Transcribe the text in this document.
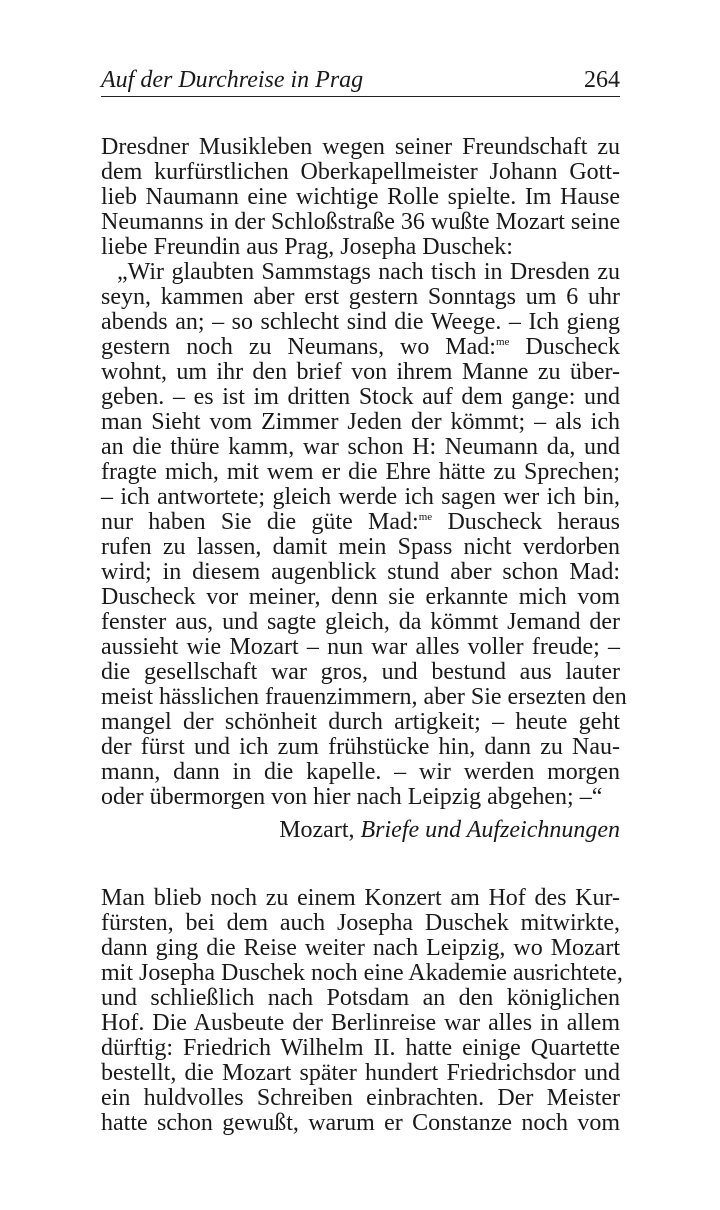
Auf der Durchreise in Prag	264
Dresdner Musikleben wegen seiner Freundschaft zu
dem kurfürstlichen Oberkapellmeister Johann Gott-
lieb Naumann eine wichtige Rolle spielte. Im Hause
Neumanns in der Schloßstraße 36 wußte Mozart seine
liebe Freundin aus Prag, Josepha Duschek:
„Wir glaubten Sammstags nach tisch in Dresden zu
seyn, kammen aber erst gestern Sonntags um 6 uhr
abends an; – so schlecht sind die Weege. – Ich gieng
gestern noch zu Neumans, wo Mad:$^{me}$ Duscheck
wohnt, um ihr den brief von ihrem Manne zu über-
geben. – es ist im dritten Stock auf dem gange: und
man Sieht vom Zimmer Jeden der kömmt; – als ich
an die thüre kamm, war schon H: Neumann da, und
fragte mich, mit wem er die Ehre hätte zu Sprechen;
– ich antwortete; gleich werde ich sagen wer ich bin,
nur haben Sie die güte Mad:$^{me}$ Duscheck heraus
rufen zu lassen, damit mein Spass nicht verdorben
wird; in diesem augenblick stund aber schon Mad:
Duscheck vor meiner, denn sie erkannte mich vom
fenster aus, und sagte gleich, da kömmt Jemand der
aussieht wie Mozart – nun war alles voller freude; –
die gesellschaft war gros, und bestund aus lauter
meist hässlichen frauenzimmern, aber Sie ersezten den
mangel der schönheit durch artigkeit; – heute geht
der fürst und ich zum frühstücke hin, dann zu Nau-
mann, dann in die kapelle. – wir werden morgen
oder übermorgen von hier nach Leipzig abgehen; –“
Mozart, Briefe und Aufzeichnungen
Man blieb noch zu einem Konzert am Hof des Kur-
fürsten, bei dem auch Josepha Duschek mitwirkte,
dann ging die Reise weiter nach Leipzig, wo Mozart
mit Josepha Duschek noch eine Akademie ausrichtete,
und schließlich nach Potsdam an den königlichen
Hof. Die Ausbeute der Berlinreise war alles in allem
dürftig: Friedrich Wilhelm II. hatte einige Quartette
bestellt, die Mozart später hundert Friedrichsdor und
ein huldvolles Schreiben einbrachten. Der Meister
hatte schon gewußt, warum er Constanze noch vom
